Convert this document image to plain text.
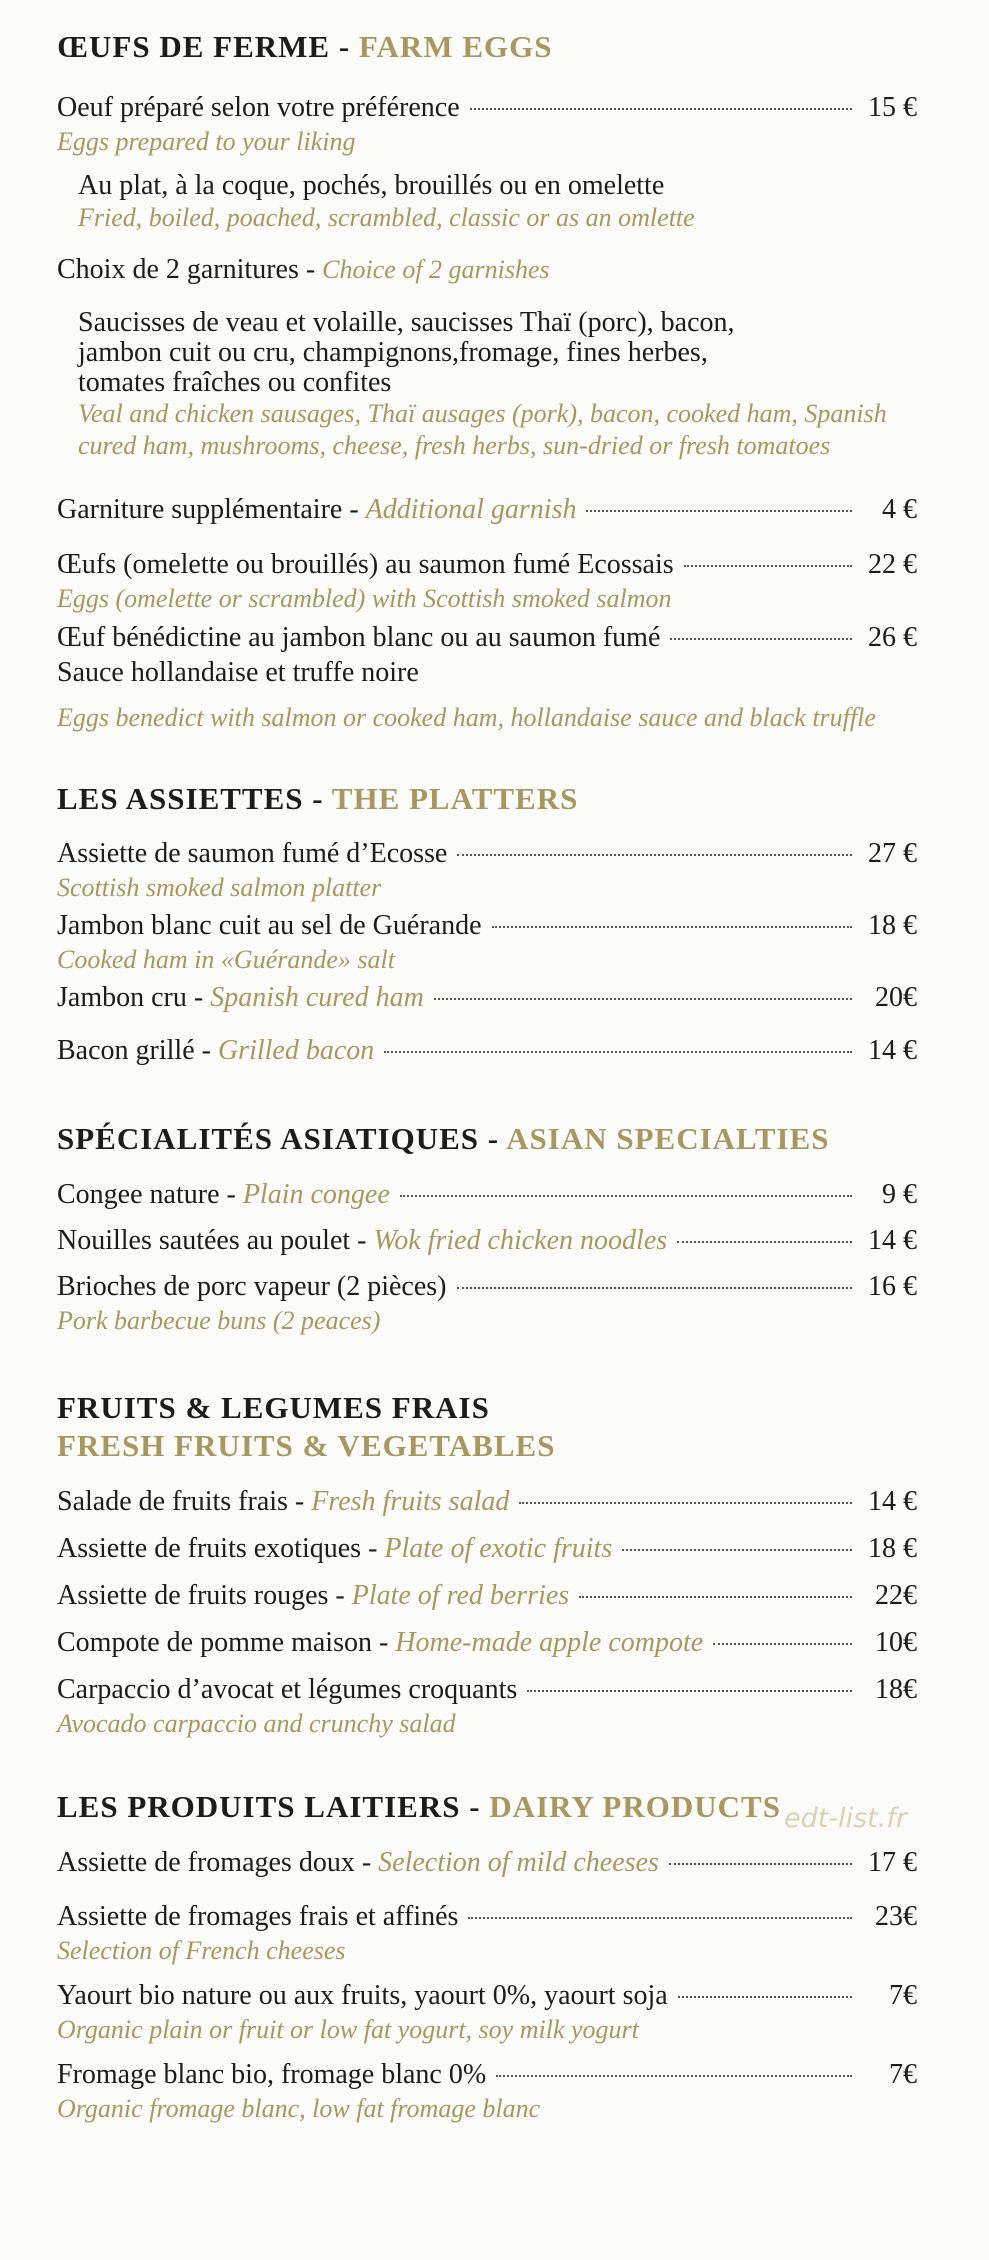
ŒUFS DE FERME - FARM EGGS
Oeuf préparé selon votre préférence	15 €
Eggs prepared to your liking
Au plat, à la coque, pochés, brouillés ou en omelette
Fried, boiled, poached, scrambled, classic or as an omlette
Choix de 2 garnitures - Choice of 2 garnishes
Saucisses de veau et volaille, saucisses Thaï (porc), bacon,
jambon cuit ou cru, champignons,fromage, fines herbes,
tomates fraîches ou confites
Veal and chicken sausages, Thaï ausages (pork), bacon, cooked ham, Spanish
cured ham, mushrooms, cheese, fresh herbs, sun-dried or fresh tomatoes
Garniture supplémentaire - Additional garnish	4 €
Œufs (omelette ou brouillés) au saumon fumé Ecossais	22 €
Eggs (omelette or scrambled) with Scottish smoked salmon
Œuf bénédictine au jambon blanc ou au saumon fumé	26 €
Sauce hollandaise et truffe noire
Eggs benedict with salmon or cooked ham, hollandaise sauce and black truffle
LES ASSIETTES - THE PLATTERS
Assiette de saumon fumé d’Ecosse	27 €
Scottish smoked salmon platter
Jambon blanc cuit au sel de Guérande	18 €
Cooked ham in «Guérande» salt
Jambon cru - Spanish cured ham	20€
Bacon grillé - Grilled bacon	14 €
SPÉCIALITÉS ASIATIQUES - ASIAN SPECIALTIES
Congee nature - Plain congee	9 €
Nouilles sautées au poulet - Wok fried chicken noodles	14 €
Brioches de porc vapeur (2 pièces)	16 €
Pork barbecue buns (2 peaces)
FRUITS & LEGUMES FRAIS
FRESH FRUITS & VEGETABLES
Salade de fruits frais - Fresh fruits salad	14 €
Assiette de fruits exotiques - Plate of exotic fruits	18 €
Assiette de fruits rouges - Plate of red berries	22€
Compote de pomme maison - Home-made apple compote	10€
Carpaccio d’avocat et légumes croquants	18€
Avocado carpaccio and crunchy salad
LES PRODUITS LAITIERS - DAIRY PRODUCTS
Assiette de fromages doux - Selection of mild cheeses	17 €
Assiette de fromages frais et affinés	23€
Selection of French cheeses
Yaourt bio nature ou aux fruits, yaourt 0%, yaourt soja	7€
Organic plain or fruit or low fat yogurt, soy milk yogurt
Fromage blanc bio, fromage blanc 0%	7€
Organic fromage blanc, low fat fromage blanc
edt-list.fr
